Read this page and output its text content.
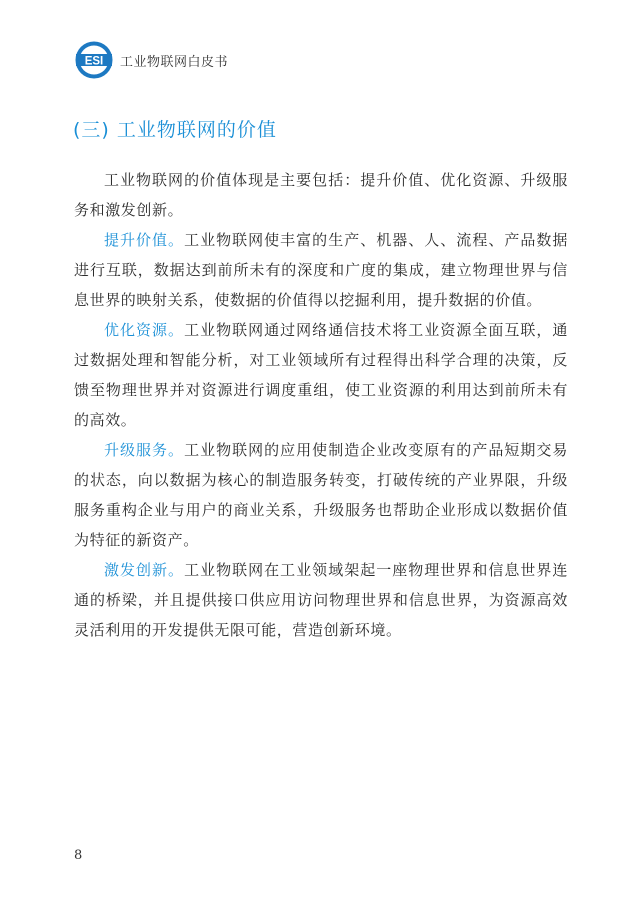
ESI 工业物联网白皮书
(三) 工业物联网的价值

工业物联网的价值体现是主要包括：提升价值、优化资源、升级服务和激发创新。

提升价值。工业物联网使丰富的生产、机器、人、流程、产品数据进行互联，数据达到前所未有的深度和广度的集成，建立物理世界与信息世界的映射关系，使数据的价值得以挖掘利用，提升数据的价值。

优化资源。工业物联网通过网络通信技术将工业资源全面互联，通过数据处理和智能分析，对工业领域所有过程得出科学合理的决策，反馈至物理世界并对资源进行调度重组，使工业资源的利用达到前所未有的高效。

升级服务。工业物联网的应用使制造企业改变原有的产品短期交易的状态，向以数据为核心的制造服务转变，打破传统的产业界限，升级服务重构企业与用户的商业关系，升级服务也帮助企业形成以数据价值为特征的新资产。

激发创新。工业物联网在工业领域架起一座物理世界和信息世界连通的桥梁，并且提供接口供应用访问物理世界和信息世界，为资源高效灵活利用的开发提供无限可能，营造创新环境。

8
